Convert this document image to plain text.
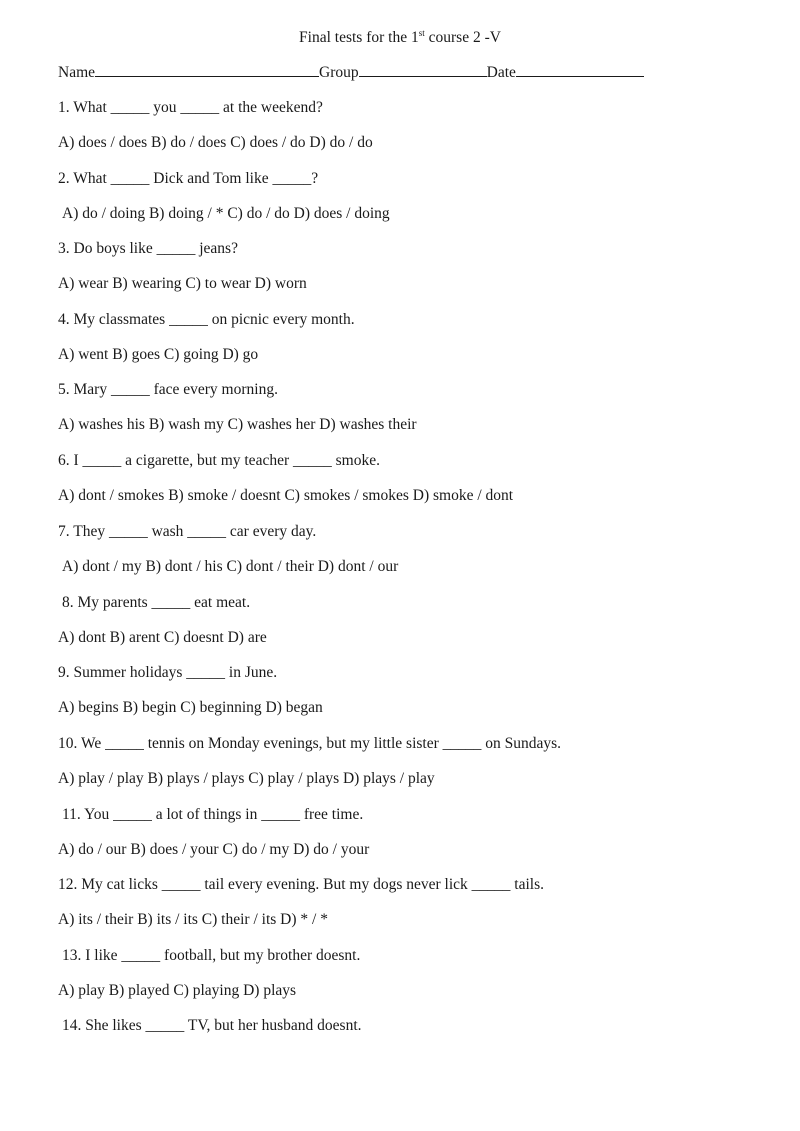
Final tests for the 1st course 2 -V
Name	Group	Date
1. What _____ you _____ at the weekend?
A) does / does B) do / does C) does / do D) do / do
2. What _____ Dick and Tom like _____?
A) do / doing B) doing / * C) do / do D) does / doing
3. Do boys like _____ jeans?
A) wear B) wearing C) to wear D) worn
4. My classmates _____ on picnic every month.
A) went B) goes C) going D) go
5. Mary _____ face every morning.
A) washes his B) wash my C) washes her D) washes their
6. I _____ a cigarette, but my teacher _____ smoke.
A) dont / smokes B) smoke / doesnt C) smokes / smokes D) smoke / dont
7. They _____ wash _____ car every day.
A) dont / my B) dont / his C) dont / their D) dont / our
8. My parents _____ eat meat.
A) dont B) arent C) doesnt D) are
9. Summer holidays _____ in June.
A) begins B) begin C) beginning D) began
10. We _____ tennis on Monday evenings, but my little sister _____ on Sundays.
A) play / play B) plays / plays C) play / plays D) plays / play
11. You _____ a lot of things in _____ free time.
A) do / our B) does / your C) do / my D) do / your
12. My cat licks _____ tail every evening. But my dogs never lick _____ tails.
A) its / their B) its / its C) their / its D) * / *
13. I like _____ football, but my brother doesnt.
A) play B) played C) playing D) plays
14. She likes _____ TV, but her husband doesnt.
